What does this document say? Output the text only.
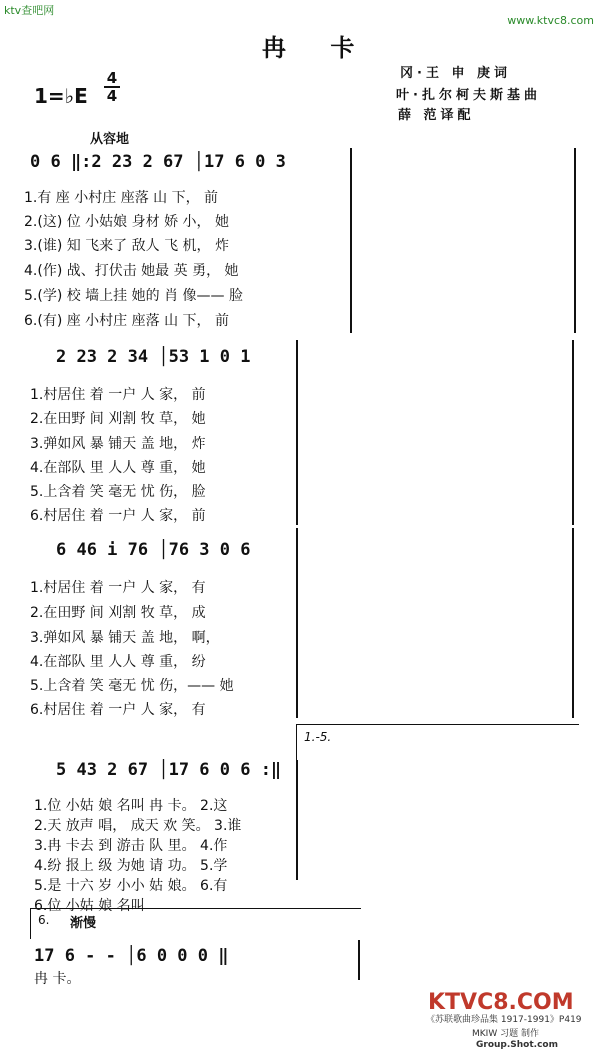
ktv查吧网
www.ktvc8.com
冉 卡
冈·王 申 庚词
叶·扎尔柯夫斯基曲
薛 范译配
1=♭E
4
4
从容地
0 6 ‖:2 23 2 67 │17 6 0 3
1.有 座 小村庄 座落 山 下， 前
2.(这) 位 小姑娘 身材 娇 小， 她
3.(谁) 知 飞来了 敌人 飞 机， 炸
4.(作) 战、打伏击 她最 英 勇， 她
5.(学) 校 墙上挂 她的 肖 像—— 脸
6.(有) 座 小村庄 座落 山 下， 前
2 23 2 34 │53 1 0 1
1.村居住 着 一户 人 家， 前
2.在田野 间 刈割 牧 草， 她
3.弹如风 暴 铺天 盖 地， 炸
4.在部队 里 人人 尊 重， 她
5.上含着 笑 毫无 忧 伤， 脸
6.村居住 着 一户 人 家， 前
6 46 i 76 │76 3 0 6
1.村居住 着 一户 人 家， 有
2.在田野 间 刈割 牧 草， 成
3.弹如风 暴 铺天 盖 地， 啊，
4.在部队 里 人人 尊 重， 纷
5.上含着 笑 毫无 忧 伤，—— 她
6.村居住 着 一户 人 家， 有
1.-5.
5 43 2 67 │17 6 0 6 :‖
1.位 小姑 娘 名叫 冉 卡。 2.这
2.天 放声 唱， 成天 欢 笑。 3.谁
3.冉 卡去 到 游击 队 里。 4.作
4.纷 报上 级 为她 请 功。 5.学
5.是 十六 岁 小小 姑 娘。 6.有
6.位 小姑 娘 名叫
6. 渐慢
17 6 - - │6 0 0 0 ‖
冉 卡。
KTVC8.COM
《苏联歌曲珍品集 1917-1991》P419
MKIW 习题 制作
Group.Shot.com
